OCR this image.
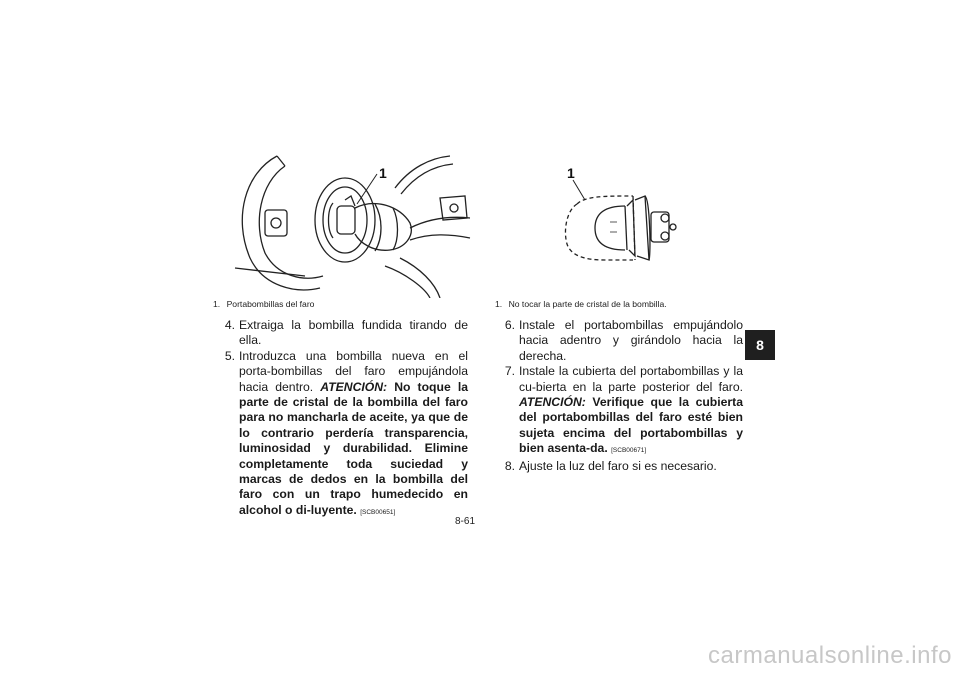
1
1. Portabombillas del faro
1
1. No tocar la parte de cristal de la bombilla.
4. Extraiga la bombilla fundida tirando de ella.
5. Introduzca una bombilla nueva en el porta-bombillas del faro empujándola hacia dentro. ATENCIÓN: No toque la parte de cristal de la bombilla del faro para no mancharla de aceite, ya que de lo contrario perdería transparencia, luminosidad y durabilidad. Elimine completamente toda suciedad y marcas de dedos en la bombilla del faro con un trapo humedecido en alcohol o di-luyente. [SCB00651]
6. Instale el portabombillas empujándolo hacia adentro y girándolo hacia la derecha.
7. Instale la cubierta del portabombillas y la cu-bierta en la parte posterior del faro. ATENCIÓN: Verifique que la cubierta del portabombillas del faro esté bien sujeta encima del portabombillas y bien asenta-da. [SCB00671]
8. Ajuste la luz del faro si es necesario.
8
8-61
carmanualsonline.info
